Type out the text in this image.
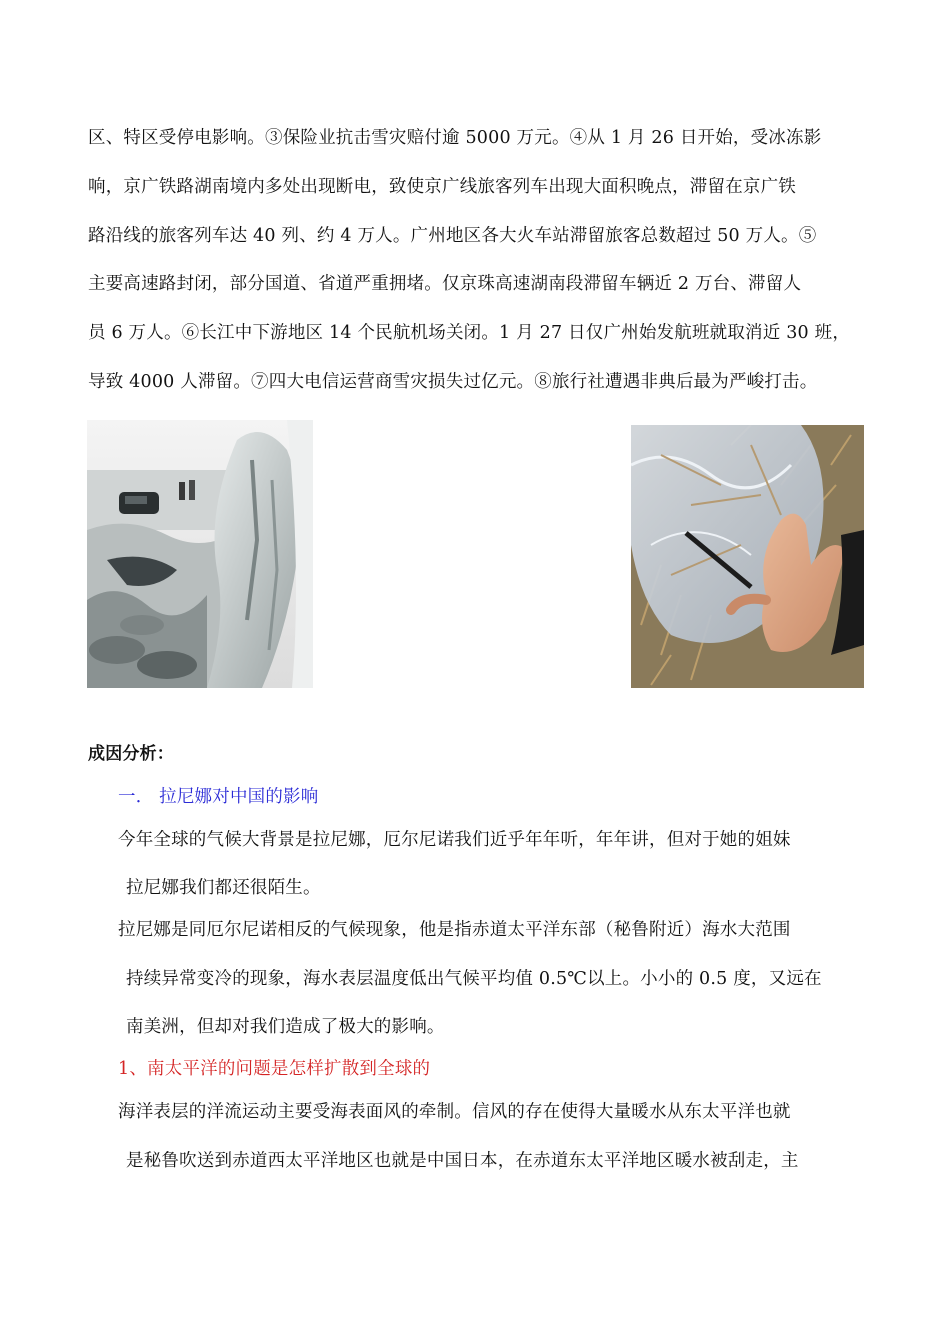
区、特区受停电影响。③保险业抗击雪灾赔付逾 5000 万元。④从 1 月 26 日开始，受冰冻影
响，京广铁路湖南境内多处出现断电，致使京广线旅客列车出现大面积晚点，滞留在京广铁
路沿线的旅客列车达 40 列、约 4 万人。广州地区各大火车站滞留旅客总数超过 50 万人。⑤
主要高速路封闭，部分国道、省道严重拥堵。仅京珠高速湖南段滞留车辆近 2 万台、滞留人
员 6 万人。⑥长江中下游地区 14 个民航机场关闭。1 月 27 日仅广州始发航班就取消近 30 班，
导致 4000 人滞留。⑦四大电信运营商雪灾损失过亿元。⑧旅行社遭遇非典后最为严峻打击。
成因分析：
一． 拉尼娜对中国的影响
今年全球的气候大背景是拉尼娜，厄尔尼诺我们近乎年年听，年年讲，但对于她的姐妹
拉尼娜我们都还很陌生。
拉尼娜是同厄尔尼诺相反的气候现象，他是指赤道太平洋东部（秘鲁附近）海水大范围
持续异常变冷的现象，海水表层温度低出气候平均值 0.5℃以上。小小的 0.5 度，又远在
南美洲，但却对我们造成了极大的影响。
1、南太平洋的问题是怎样扩散到全球的
海洋表层的洋流运动主要受海表面风的牵制。信风的存在使得大量暖水从东太平洋也就
是秘鲁吹送到赤道西太平洋地区也就是中国日本，在赤道东太平洋地区暖水被刮走，主
